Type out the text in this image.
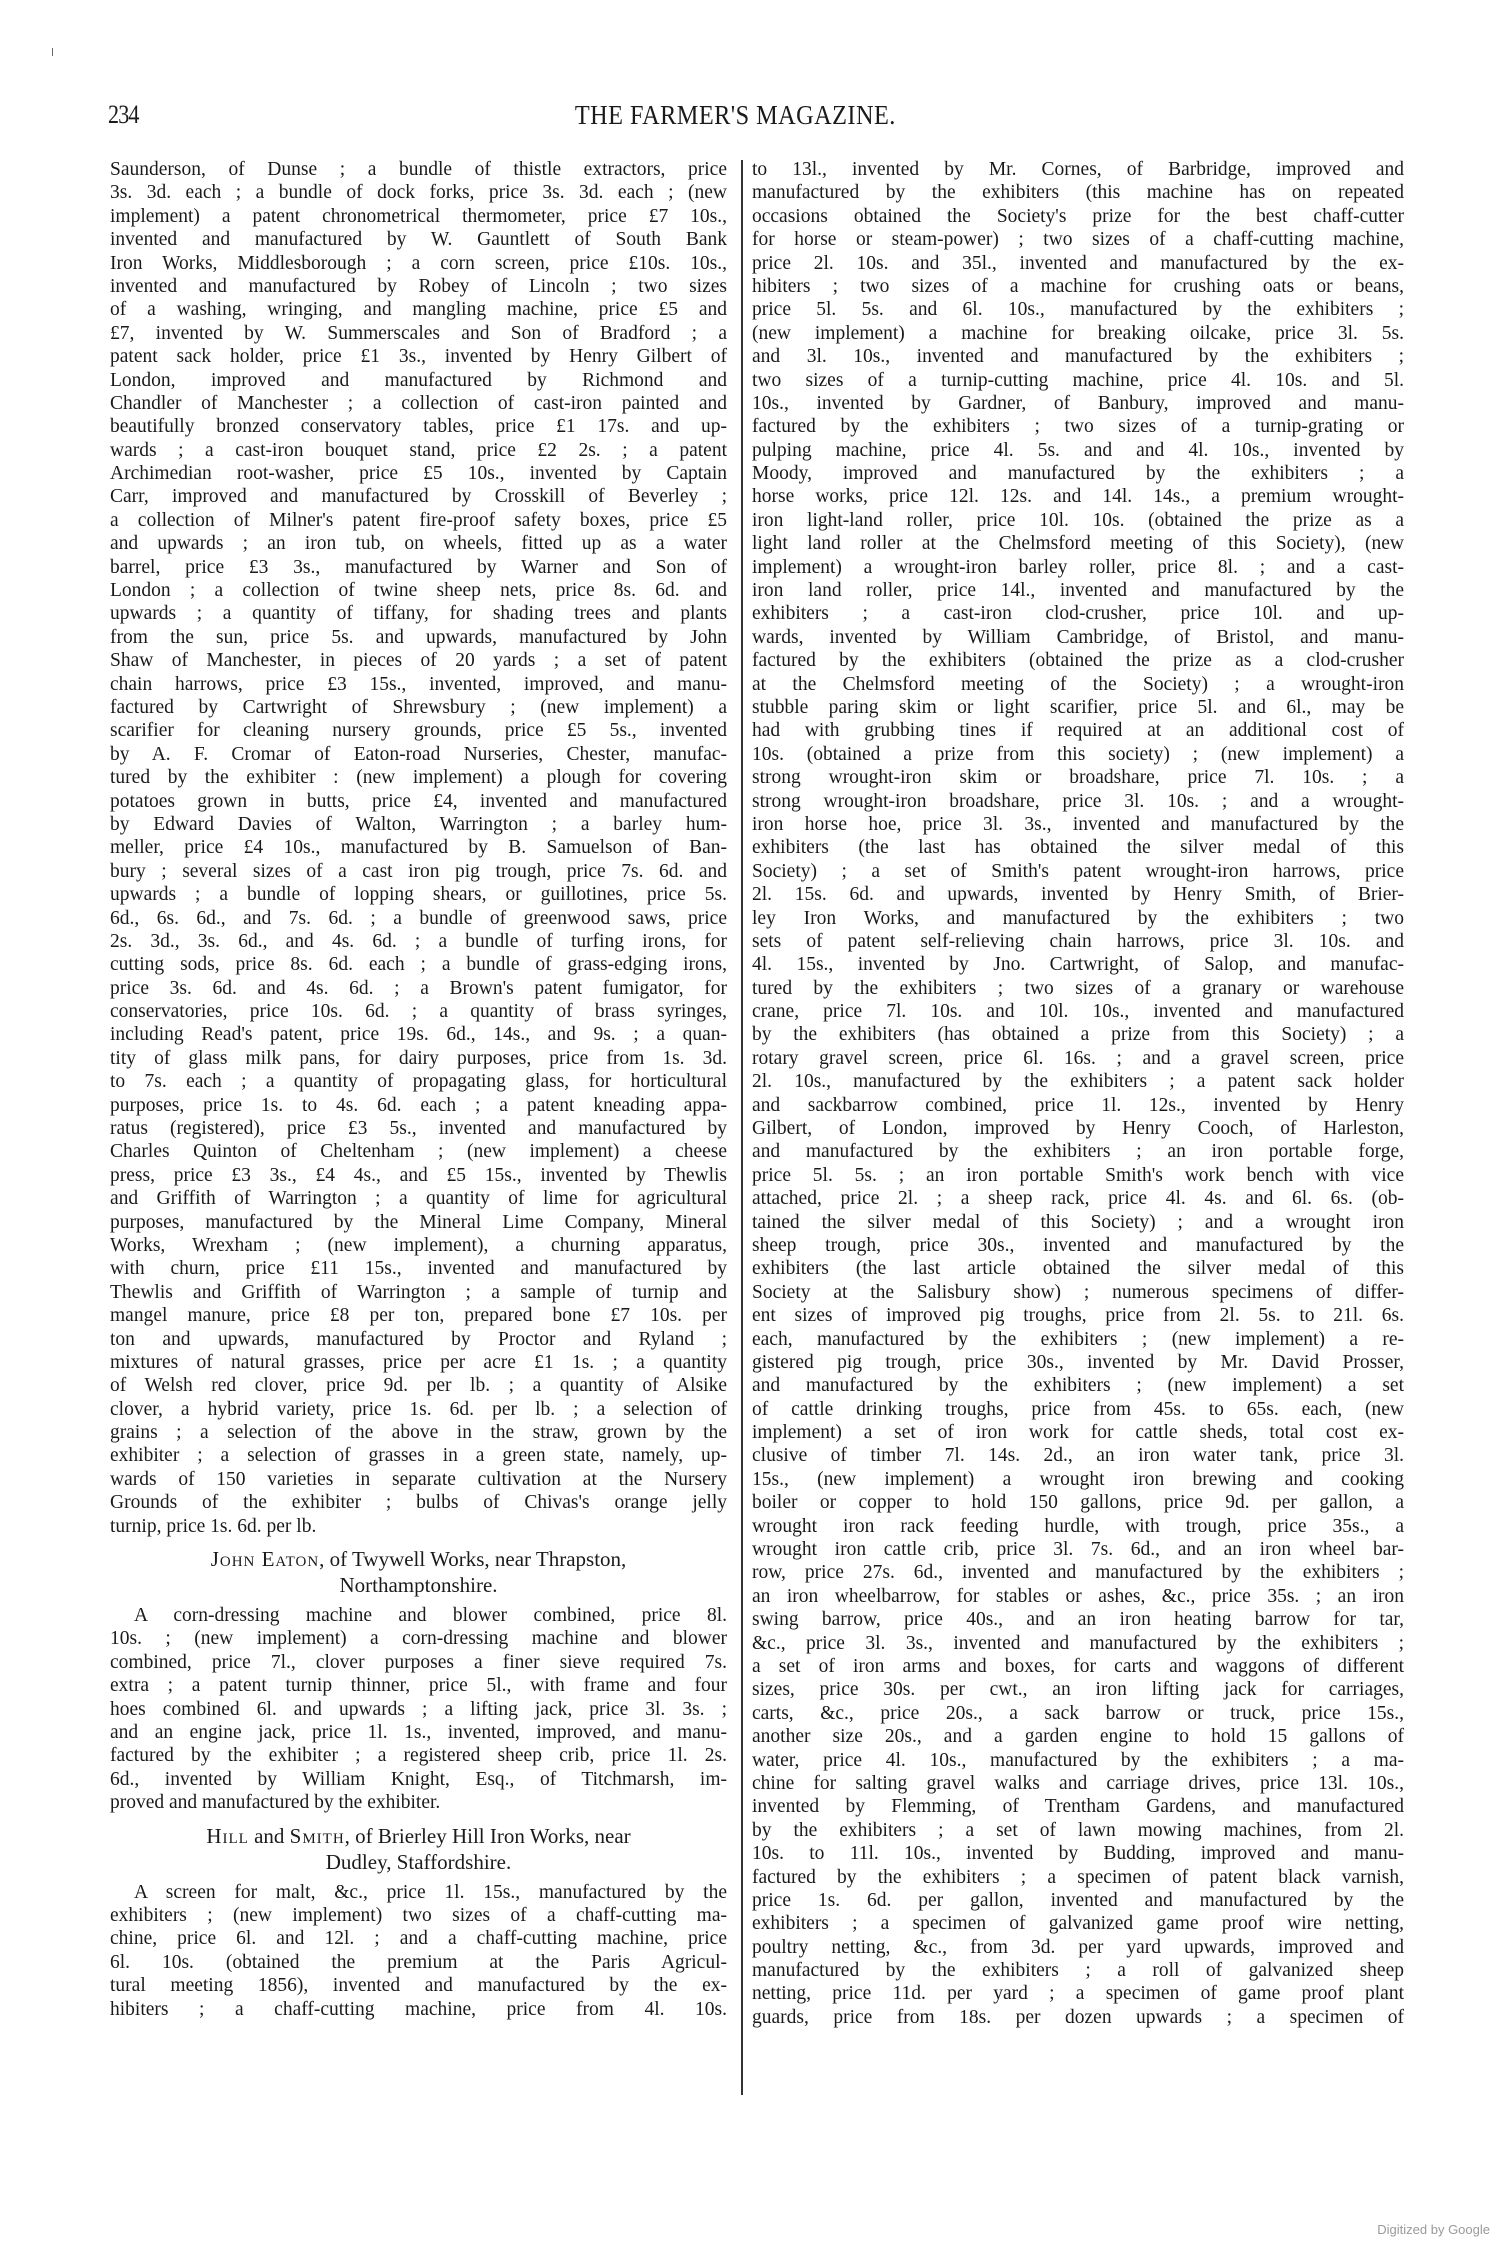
234	THE FARMER'S MAGAZINE.
Saunderson, of Dunse ; a bundle of thistle extractors, price
3s. 3d. each ; a bundle of dock forks, price 3s. 3d. each ; (new
implement) a patent chronometrical thermometer, price £7 10s.,
invented and manufactured by W. Gauntlett of South Bank
Iron Works, Middlesborough ; a corn screen, price £10s. 10s.,
invented and manufactured by Robey of Lincoln ; two sizes
of a washing, wringing, and mangling machine, price £5 and
£7, invented by W. Summerscales and Son of Bradford ; a
patent sack holder, price £1 3s., invented by Henry Gilbert of
London, improved and manufactured by Richmond and
Chandler of Manchester ; a collection of cast-iron painted and
beautifully bronzed conservatory tables, price £1 17s. and up-
wards ; a cast-iron bouquet stand, price £2 2s. ; a patent
Archimedian root-washer, price £5 10s., invented by Captain
Carr, improved and manufactured by Crosskill of Beverley ;
a collection of Milner's patent fire-proof safety boxes, price £5
and upwards ; an iron tub, on wheels, fitted up as a water
barrel, price £3 3s., manufactured by Warner and Son of
London ; a collection of twine sheep nets, price 8s. 6d. and
upwards ; a quantity of tiffany, for shading trees and plants
from the sun, price 5s. and upwards, manufactured by John
Shaw of Manchester, in pieces of 20 yards ; a set of patent
chain harrows, price £3 15s., invented, improved, and manu-
factured by Cartwright of Shrewsbury ; (new implement) a
scarifier for cleaning nursery grounds, price £5 5s., invented
by A. F. Cromar of Eaton-road Nurseries, Chester, manufac-
tured by the exhibiter : (new implement) a plough for covering
potatoes grown in butts, price £4, invented and manufactured
by Edward Davies of Walton, Warrington ; a barley hum-
meller, price £4 10s., manufactured by B. Samuelson of Ban-
bury ; several sizes of a cast iron pig trough, price 7s. 6d. and
upwards ; a bundle of lopping shears, or guillotines, price 5s.
6d., 6s. 6d., and 7s. 6d. ; a bundle of greenwood saws, price
2s. 3d., 3s. 6d., and 4s. 6d. ; a bundle of turfing irons, for
cutting sods, price 8s. 6d. each ; a bundle of grass-edging irons,
price 3s. 6d. and 4s. 6d. ; a Brown's patent fumigator, for
conservatories, price 10s. 6d. ; a quantity of brass syringes,
including Read's patent, price 19s. 6d., 14s., and 9s. ; a quan-
tity of glass milk pans, for dairy purposes, price from 1s. 3d.
to 7s. each ; a quantity of propagating glass, for horticultural
purposes, price 1s. to 4s. 6d. each ; a patent kneading appa-
ratus (registered), price £3 5s., invented and manufactured by
Charles Quinton of Cheltenham ; (new implement) a cheese
press, price £3 3s., £4 4s., and £5 15s., invented by Thewlis
and Griffith of Warrington ; a quantity of lime for agricultural
purposes, manufactured by the Mineral Lime Company, Mineral
Works, Wrexham ; (new implement), a churning apparatus,
with churn, price £11 15s., invented and manufactured by
Thewlis and Griffith of Warrington ; a sample of turnip and
mangel manure, price £8 per ton, prepared bone £7 10s. per
ton and upwards, manufactured by Proctor and Ryland ;
mixtures of natural grasses, price per acre £1 1s. ; a quantity
of Welsh red clover, price 9d. per lb. ; a quantity of Alsike
clover, a hybrid variety, price 1s. 6d. per lb. ; a selection of
grains ; a selection of the above in the straw, grown by the
exhibiter ; a selection of grasses in a green state, namely, up-
wards of 150 varieties in separate cultivation at the Nursery
Grounds of the exhibiter ; bulbs of Chivas's orange jelly
turnip, price 1s. 6d. per lb.
John Eaton, of Twywell Works, near Thrapston,
Northamptonshire.
A corn-dressing machine and blower combined, price 8l.
10s. ; (new implement) a corn-dressing machine and blower
combined, price 7l., clover purposes a finer sieve required 7s.
extra ; a patent turnip thinner, price 5l., with frame and four
hoes combined 6l. and upwards ; a lifting jack, price 3l. 3s. ;
and an engine jack, price 1l. 1s., invented, improved, and manu-
factured by the exhibiter ; a registered sheep crib, price 1l. 2s.
6d., invented by William Knight, Esq., of Titchmarsh, im-
proved and manufactured by the exhibiter.
Hill and Smith, of Brierley Hill Iron Works, near
Dudley, Staffordshire.
A screen for malt, &c., price 1l. 15s., manufactured by the
exhibiters ; (new implement) two sizes of a chaff-cutting ma-
chine, price 6l. and 12l. ; and a chaff-cutting machine, price
6l. 10s. (obtained the premium at the Paris Agricul-
tural meeting 1856), invented and manufactured by the ex-
hibiters ; a chaff-cutting machine, price from 4l. 10s.
to 13l., invented by Mr. Cornes, of Barbridge, improved and
manufactured by the exhibiters (this machine has on repeated
occasions obtained the Society's prize for the best chaff-cutter
for horse or steam-power) ; two sizes of a chaff-cutting machine,
price 2l. 10s. and 35l., invented and manufactured by the ex-
hibiters ; two sizes of a machine for crushing oats or beans,
price 5l. 5s. and 6l. 10s., manufactured by the exhibiters ;
(new implement) a machine for breaking oilcake, price 3l. 5s.
and 3l. 10s., invented and manufactured by the exhibiters ;
two sizes of a turnip-cutting machine, price 4l. 10s. and 5l.
10s., invented by Gardner, of Banbury, improved and manu-
factured by the exhibiters ; two sizes of a turnip-grating or
pulping machine, price 4l. 5s. and and 4l. 10s., invented by
Moody, improved and manufactured by the exhibiters ; a
horse works, price 12l. 12s. and 14l. 14s., a premium wrought-
iron light-land roller, price 10l. 10s. (obtained the prize as a
light land roller at the Chelmsford meeting of this Society), (new
implement) a wrought-iron barley roller, price 8l. ; and a cast-
iron land roller, price 14l., invented and manufactured by the
exhibiters ; a cast-iron clod-crusher, price 10l. and up-
wards, invented by William Cambridge, of Bristol, and manu-
factured by the exhibiters (obtained the prize as a clod-crusher
at the Chelmsford meeting of the Society) ; a wrought-iron
stubble paring skim or light scarifier, price 5l. and 6l., may be
had with grubbing tines if required at an additional cost of
10s. (obtained a prize from this society) ; (new implement) a
strong wrought-iron skim or broadshare, price 7l. 10s. ; a
strong wrought-iron broadshare, price 3l. 10s. ; and a wrought-
iron horse hoe, price 3l. 3s., invented and manufactured by the
exhibiters (the last has obtained the silver medal of this
Society) ; a set of Smith's patent wrought-iron harrows, price
2l. 15s. 6d. and upwards, invented by Henry Smith, of Brier-
ley Iron Works, and manufactured by the exhibiters ; two
sets of patent self-relieving chain harrows, price 3l. 10s. and
4l. 15s., invented by Jno. Cartwright, of Salop, and manufac-
tured by the exhibiters ; two sizes of a granary or warehouse
crane, price 7l. 10s. and 10l. 10s., invented and manufactured
by the exhibiters (has obtained a prize from this Society) ; a
rotary gravel screen, price 6l. 16s. ; and a gravel screen, price
2l. 10s., manufactured by the exhibiters ; a patent sack holder
and sackbarrow combined, price 1l. 12s., invented by Henry
Gilbert, of London, improved by Henry Cooch, of Harleston,
and manufactured by the exhibiters ; an iron portable forge,
price 5l. 5s. ; an iron portable Smith's work bench with vice
attached, price 2l. ; a sheep rack, price 4l. 4s. and 6l. 6s. (ob-
tained the silver medal of this Society) ; and a wrought iron
sheep trough, price 30s., invented and manufactured by the
exhibiters (the last article obtained the silver medal of this
Society at the Salisbury show) ; numerous specimens of differ-
ent sizes of improved pig troughs, price from 2l. 5s. to 21l. 6s.
each, manufactured by the exhibiters ; (new implement) a re-
gistered pig trough, price 30s., invented by Mr. David Prosser,
and manufactured by the exhibiters ; (new implement) a set
of cattle drinking troughs, price from 45s. to 65s. each, (new
implement) a set of iron work for cattle sheds, total cost ex-
clusive of timber 7l. 14s. 2d., an iron water tank, price 3l.
15s., (new implement) a wrought iron brewing and cooking
boiler or copper to hold 150 gallons, price 9d. per gallon, a
wrought iron rack feeding hurdle, with trough, price 35s., a
wrought iron cattle crib, price 3l. 7s. 6d., and an iron wheel bar-
row, price 27s. 6d., invented and manufactured by the exhibiters ;
an iron wheelbarrow, for stables or ashes, &c., price 35s. ; an iron
swing barrow, price 40s., and an iron heating barrow for tar,
&c., price 3l. 3s., invented and manufactured by the exhibiters ;
a set of iron arms and boxes, for carts and waggons of different
sizes, price 30s. per cwt., an iron lifting jack for carriages,
carts, &c., price 20s., a sack barrow or truck, price 15s.,
another size 20s., and a garden engine to hold 15 gallons of
water, price 4l. 10s., manufactured by the exhibiters ; a ma-
chine for salting gravel walks and carriage drives, price 13l. 10s.,
invented by Flemming, of Trentham Gardens, and manufactured
by the exhibiters ; a set of lawn mowing machines, from 2l.
10s. to 11l. 10s., invented by Budding, improved and manu-
factured by the exhibiters ; a specimen of patent black varnish,
price 1s. 6d. per gallon, invented and manufactured by the
exhibiters ; a specimen of galvanized game proof wire netting,
poultry netting, &c., from 3d. per yard upwards, improved and
manufactured by the exhibiters ; a roll of galvanized sheep
netting, price 11d. per yard ; a specimen of game proof plant
guards, price from 18s. per dozen upwards ; a specimen of
Digitized by Google
